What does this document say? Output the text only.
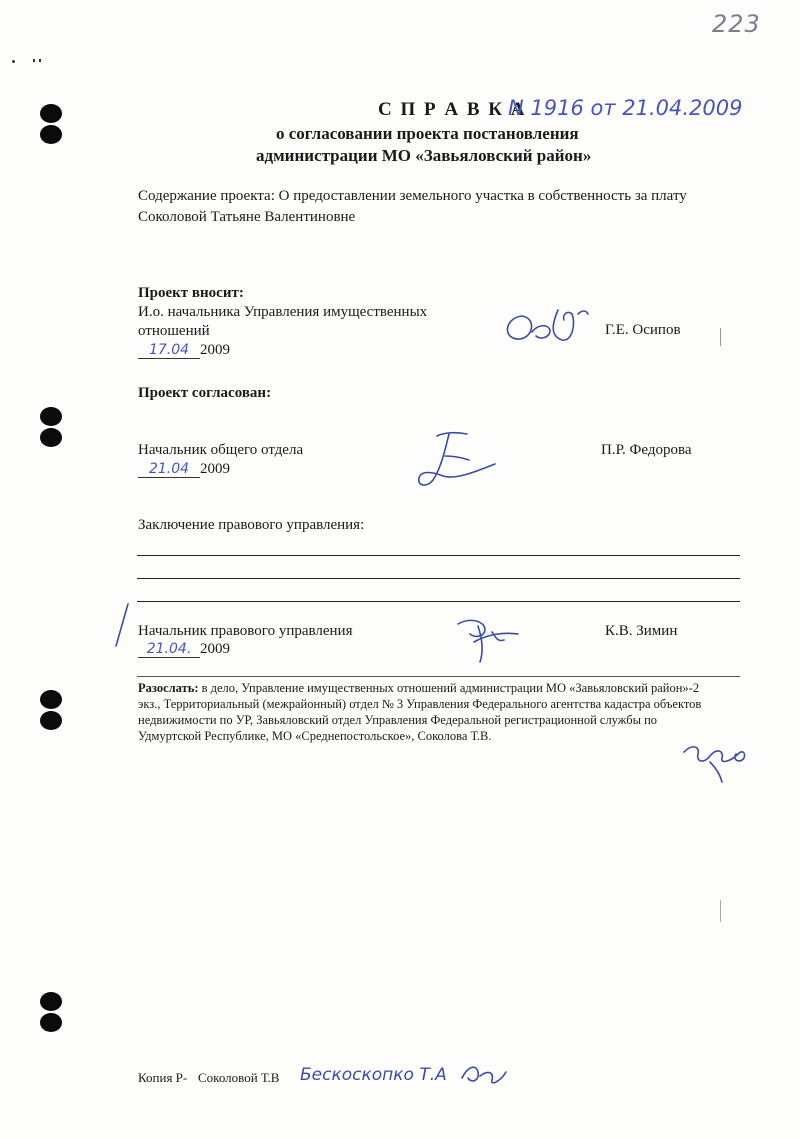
223
С П Р А В К А
N 1916 от 21.04.2009
о согласовании проекта постановления
администрации МО «Завьяловский район»
Содержание проекта: О предоставлении земельного участка в собственность за плату
Соколовой Татьяне Валентиновне
Проект вносит:
И.о. начальника Управления имущественных
отношений
17.04 2009
Г.Е. Осипов
Проект согласован:
Начальник общего отдела
21.04 2009
П.Р. Федорова
Заключение правового управления:
Начальник правового управления
21.04. 2009
К.В. Зимин
Разослать: в дело, Управление имущественных отношений администрации МО «Завьяловский район»-2
экз., Территориальный (межрайонный) отдел № 3 Управления Федерального агентства кадастра объектов
недвижимости по УР, Завьяловский отдел Управления Федеральной регистрационной службы по
Удмуртской Республике, МО «Среднепостольское», Соколова Т.В.
Копия Р- Соколовой Т.В Бескоскопко Т.А
